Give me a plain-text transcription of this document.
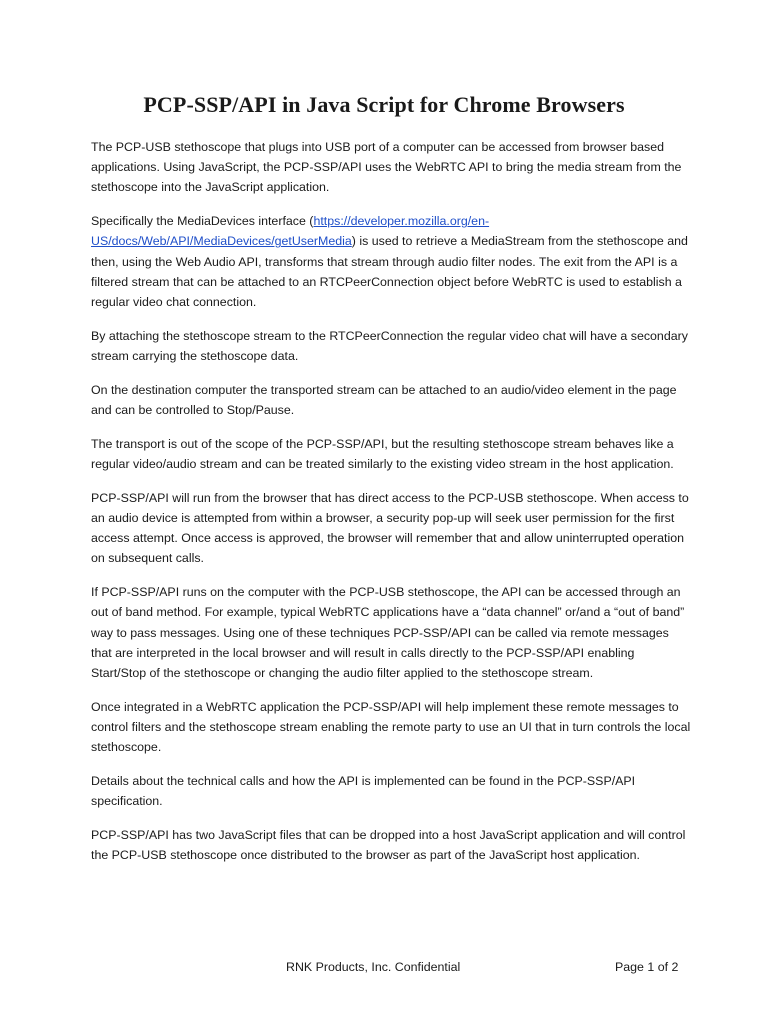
PCP-SSP/API in Java Script for Chrome Browsers

The PCP-USB stethoscope that plugs into USB port of a computer can be accessed from browser based applications. Using JavaScript, the PCP-SSP/API uses the WebRTC API to bring the media stream from the stethoscope into the JavaScript application.

Specifically the MediaDevices interface (https://developer.mozilla.org/en-US/docs/Web/API/MediaDevices/getUserMedia) is used to retrieve a MediaStream from the stethoscope and then, using the Web Audio API, transforms that stream through audio filter nodes. The exit from the API is a filtered stream that can be attached to an RTCPeerConnection object before WebRTC is used to establish a regular video chat connection.

By attaching the stethoscope stream to the RTCPeerConnection the regular video chat will have a secondary stream carrying the stethoscope data.

On the destination computer the transported stream can be attached to an audio/video element in the page and can be controlled to Stop/Pause.

The transport is out of the scope of the PCP-SSP/API, but the resulting stethoscope stream behaves like a regular video/audio stream and can be treated similarly to the existing video stream in the host application.

PCP-SSP/API will run from the browser that has direct access to the PCP-USB stethoscope. When access to an audio device is attempted from within a browser, a security pop-up will seek user permission for the first access attempt. Once access is approved, the browser will remember that and allow uninterrupted operation on subsequent calls.

If PCP-SSP/API runs on the computer with the PCP-USB stethoscope, the API can be accessed through an out of band method. For example, typical WebRTC applications have a “data channel” or/and a “out of band” way to pass messages. Using one of these techniques PCP-SSP/API can be called via remote messages that are interpreted in the local browser and will result in calls directly to the PCP-SSP/API enabling Start/Stop of the stethoscope or changing the audio filter applied to the stethoscope stream.

Once integrated in a WebRTC application the PCP-SSP/API will help implement these remote messages to control filters and the stethoscope stream enabling the remote party to use an UI that in turn controls the local stethoscope.

Details about the technical calls and how the API is implemented can be found in the PCP-SSP/API specification.

PCP-SSP/API has two JavaScript files that can be dropped into a host JavaScript application and will control the PCP-USB stethoscope once distributed to the browser as part of the JavaScript host application.

RNK Products, Inc. Confidential	Page 1 of 2
